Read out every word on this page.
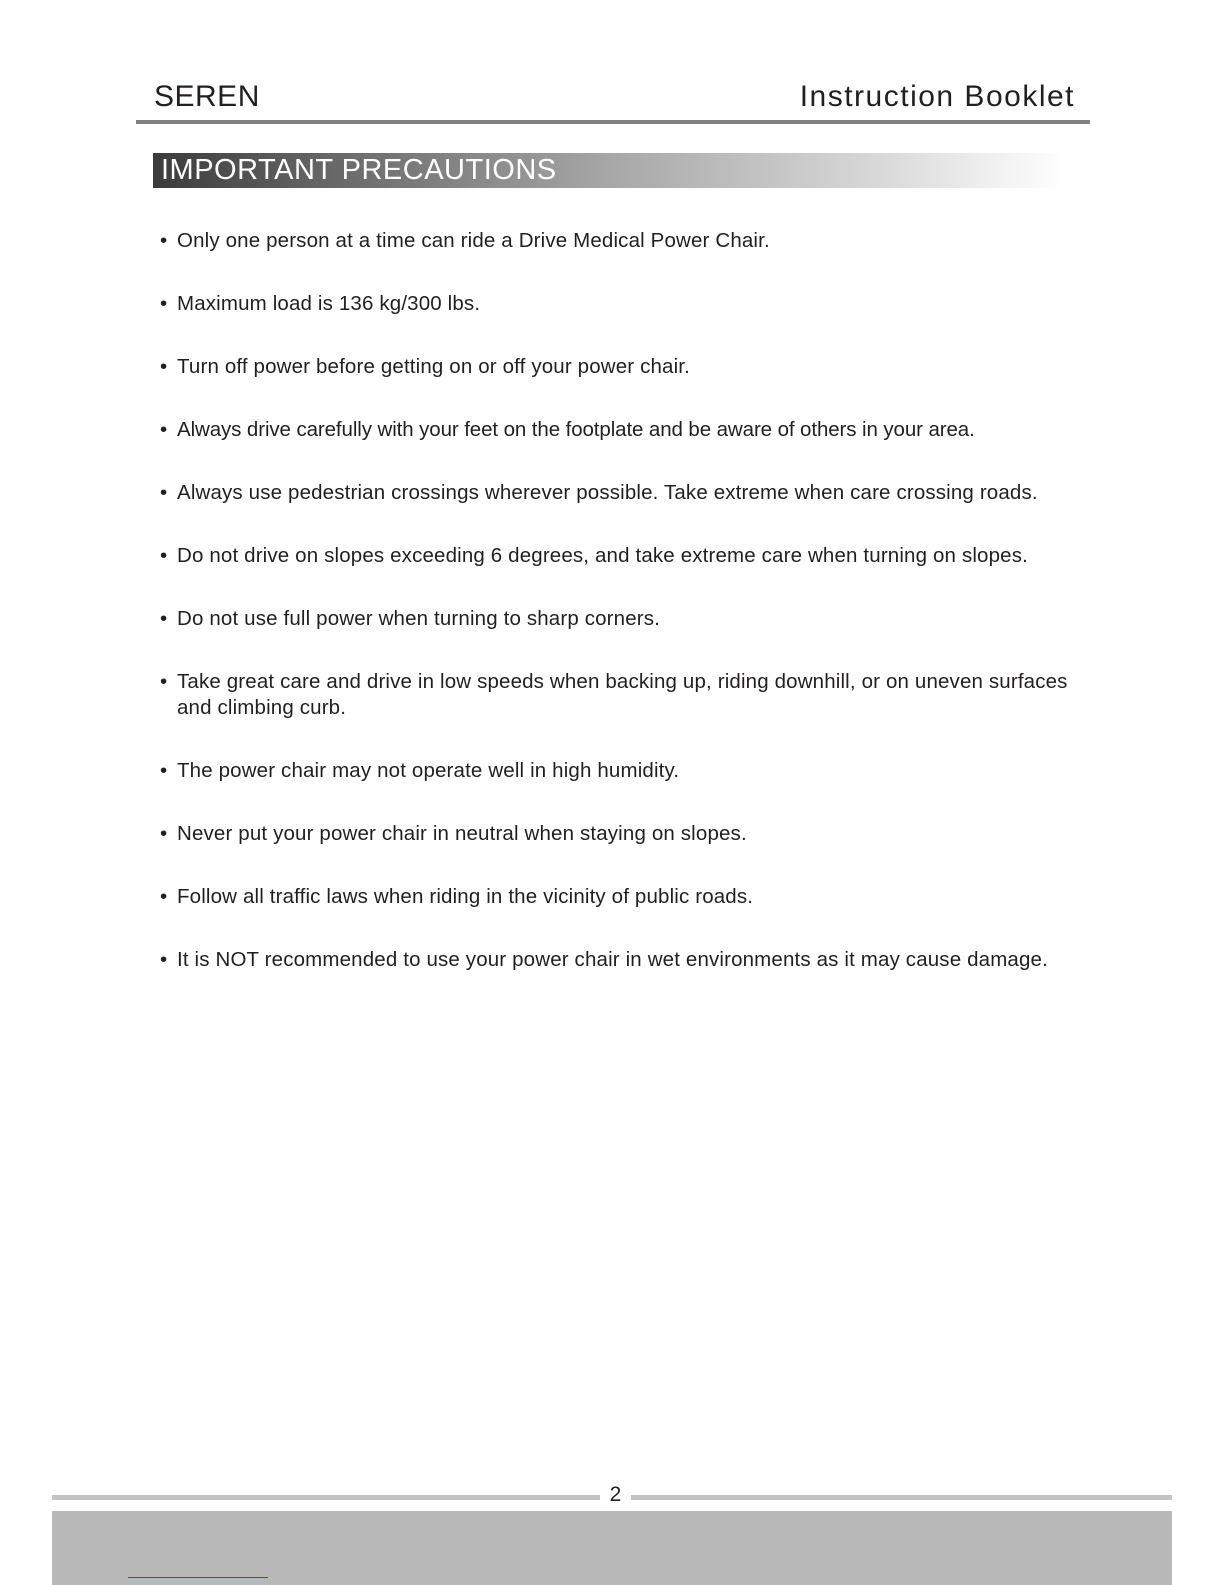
SEREN	Instruction Booklet
IMPORTANT PRECAUTIONS
• Only one person at a time can ride a Drive Medical Power Chair.
• Maximum load is 136 kg/300 lbs.
• Turn off power before getting on or off your power chair.
• Always drive carefully with your feet on the footplate and be aware of others in your area.
• Always use pedestrian crossings wherever possible. Take extreme when care crossing roads.
• Do not drive on slopes exceeding 6 degrees, and take extreme care when turning on slopes.
• Do not use full power when turning to sharp corners.
• Take great care and drive in low speeds when backing up, riding downhill, or on uneven surfaces and climbing curb.
• The power chair may not operate well in high humidity.
• Never put your power chair in neutral when staying on slopes.
• Follow all traffic laws when riding in the vicinity of public roads.
• It is NOT recommended to use your power chair in wet environments as it may cause damage.
2
